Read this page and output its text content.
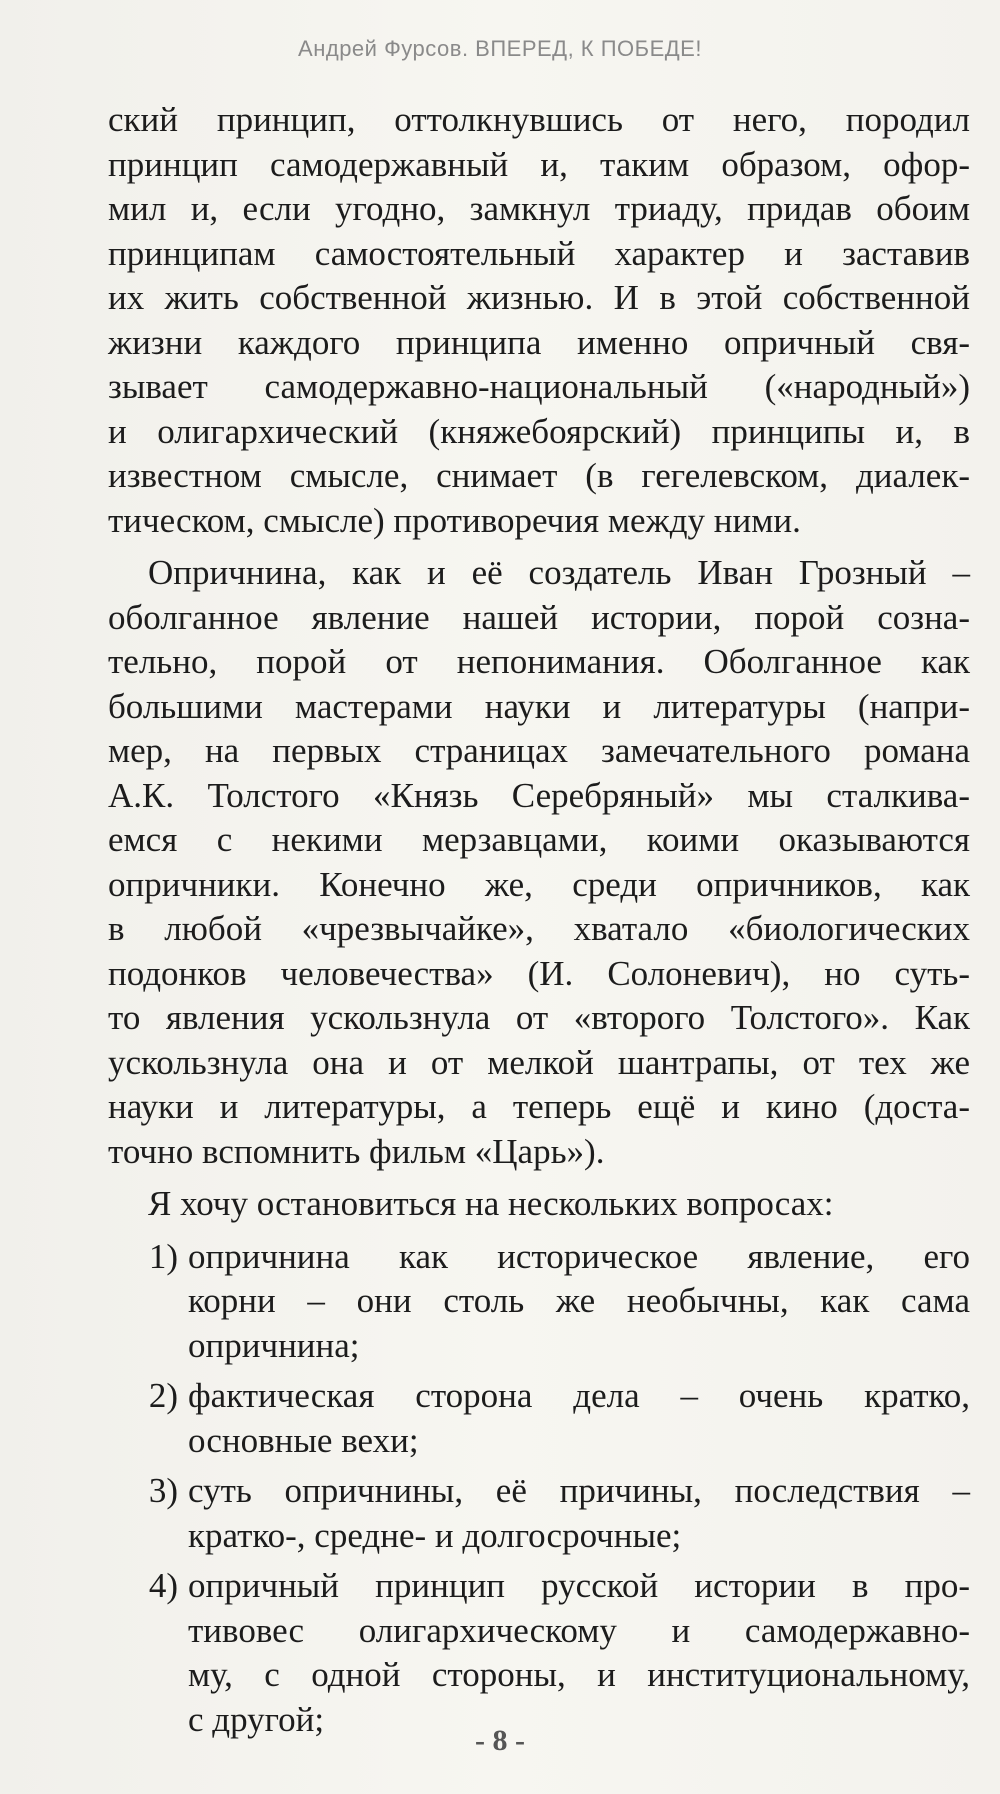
Андрей Фурсов. ВПЕРЕД, К ПОБЕДЕ!
ский принцип, оттолкнувшись от него, породил
принцип самодержавный и, таким образом, офор-
мил и, если угодно, замкнул триаду, придав обоим
принципам самостоятельный характер и заставив
их жить собственной жизнью. И в этой собственной
жизни каждого принципа именно опричный свя-
зывает самодержавно-национальный («народный»)
и олигархический (княжебоярский) принципы и, в
известном смысле, снимает (в гегелевском, диалек-
тическом, смысле) противоречия между ними.
Опричнина, как и её создатель Иван Грозный –
оболганное явление нашей истории, порой сознa-
тельно, порой от непонимания. Оболганное как
большими мастерами науки и литературы (напри-
мер, на первых страницах замечательного романа
А.К. Толстого «Князь Серебряный» мы сталкива-
емся с некими мерзавцами, коими оказываются
опричники. Конечно же, среди опричников, как
в любой «чрезвычайке», хватало «биологических
подонков человечества» (И. Солоневич), но суть-
то явления ускользнула от «второго Толстого». Как
ускользнула она и от мелкой шантрапы, от тех же
науки и литературы, а теперь ещё и кино (доста-
точно вспомнить фильм «Царь»).
Я хочу остановиться на нескольких вопросах:
1) опричнина как историческое явление, его
корни – они столь же необычны, как сама
опричнина;
2) фактическая сторона дела – очень кратко,
основные вехи;
3) суть опричнины, её причины, последствия –
кратко-, средне- и долгосрочные;
4) опричный принцип русской истории в про-
тивовес олигархическому и самодержавно-
му, с одной стороны, и институциональному,
с другой;
- 8 -
